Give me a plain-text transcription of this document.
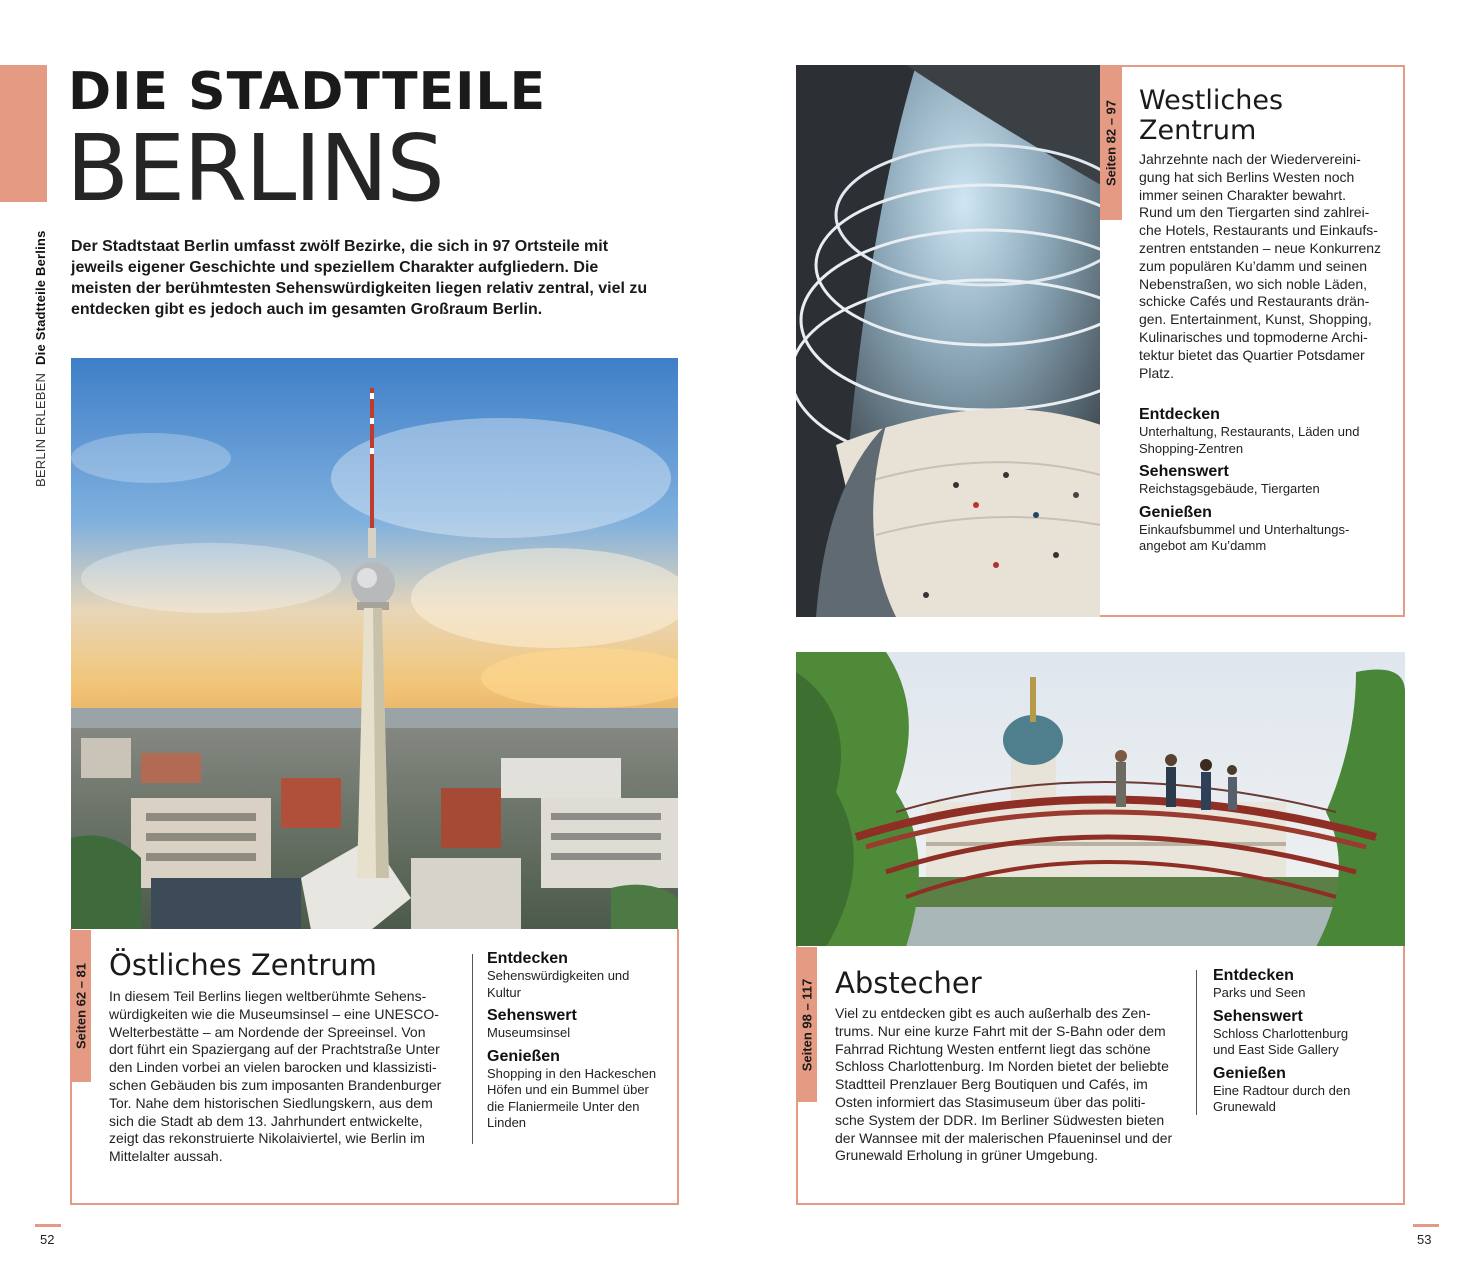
BERLIN ERLEBENDie Stadtteile Berlins
DIE STADTTEILE
BERLINS

Der Stadtstaat Berlin umfasst zwölf Bezirke, die sich in 97 Ortsteile mit jeweils eigener Geschichte und speziellem Charakter aufgliedern. Die meisten der berühmtesten Sehenswürdigkeiten liegen relativ zentral, viel zu entdecken gibt es jedoch auch im gesamten Großraum Berlin.

Seiten 62 – 81 Östliches Zentrum
In diesem Teil Berlins liegen weltberühmte Sehens-
würdigkeiten wie die Museumsinsel – eine UNESCO-
Welterbestätte – am Nordende der Spreeinsel. Von
dort führt ein Spaziergang auf der Prachtstraße Unter
den Linden vorbei an vielen barocken und klassizisti-
schen Gebäuden bis zum imposanten Brandenburger
Tor. Nahe dem historischen Siedlungskern, aus dem
sich die Stadt ab dem 13. Jahrhundert entwickelte,
zeigt das rekonstruierte Nikolaiviertel, wie Berlin im
Mittelalter aussah.
Entdecken

Sehenswürdigkeiten und

Kultur

Sehenswert

Museumsinsel

Genießen

Shopping in den Hackeschen

Höfen und ein Bummel über

die Flaniermeile Unter den

Linden

52
Seiten 82 – 97 Westliches
Zentrum
Jahrzehnte nach der Wiedervereini-
gung hat sich Berlins Westen noch
immer seinen Charakter bewahrt.
Rund um den Tiergarten sind zahlrei-
che Hotels, Restaurants und Einkaufs-
zentren entstanden – neue Konkurrenz
zum populären Ku’damm und seinen
Nebenstraßen, wo sich noble Läden,
schicke Cafés und Restaurants drän-
gen. Entertainment, Kunst, Shopping,
Kulinarisches und topmoderne Archi-
tektur bietet das Quartier Potsdamer
Platz.
Entdecken

Unterhaltung, Restaurants, Läden und

Shopping-Zentren

Sehenswert

Reichstagsgebäude, Tiergarten

Genießen

Einkaufsbummel und Unterhaltungs-

angebot am Ku’damm

Seiten 98 – 117 Abstecher
Viel zu entdecken gibt es auch außerhalb des Zen-
trums. Nur eine kurze Fahrt mit der S-Bahn oder dem
Fahrrad Richtung Westen entfernt liegt das schöne
Schloss Charlottenburg. Im Norden bietet der beliebte
Stadtteil Prenzlauer Berg Boutiquen und Cafés, im
Osten informiert das Stasimuseum über das politi-
sche System der DDR. Im Berliner Südwesten bieten
der Wannsee mit der malerischen Pfaueninsel und der
Grunewald Erholung in grüner Umgebung.
Entdecken

Parks und Seen

Sehenswert

Schloss Charlottenburg

und East Side Gallery

Genießen

Eine Radtour durch den

Grunewald

53
